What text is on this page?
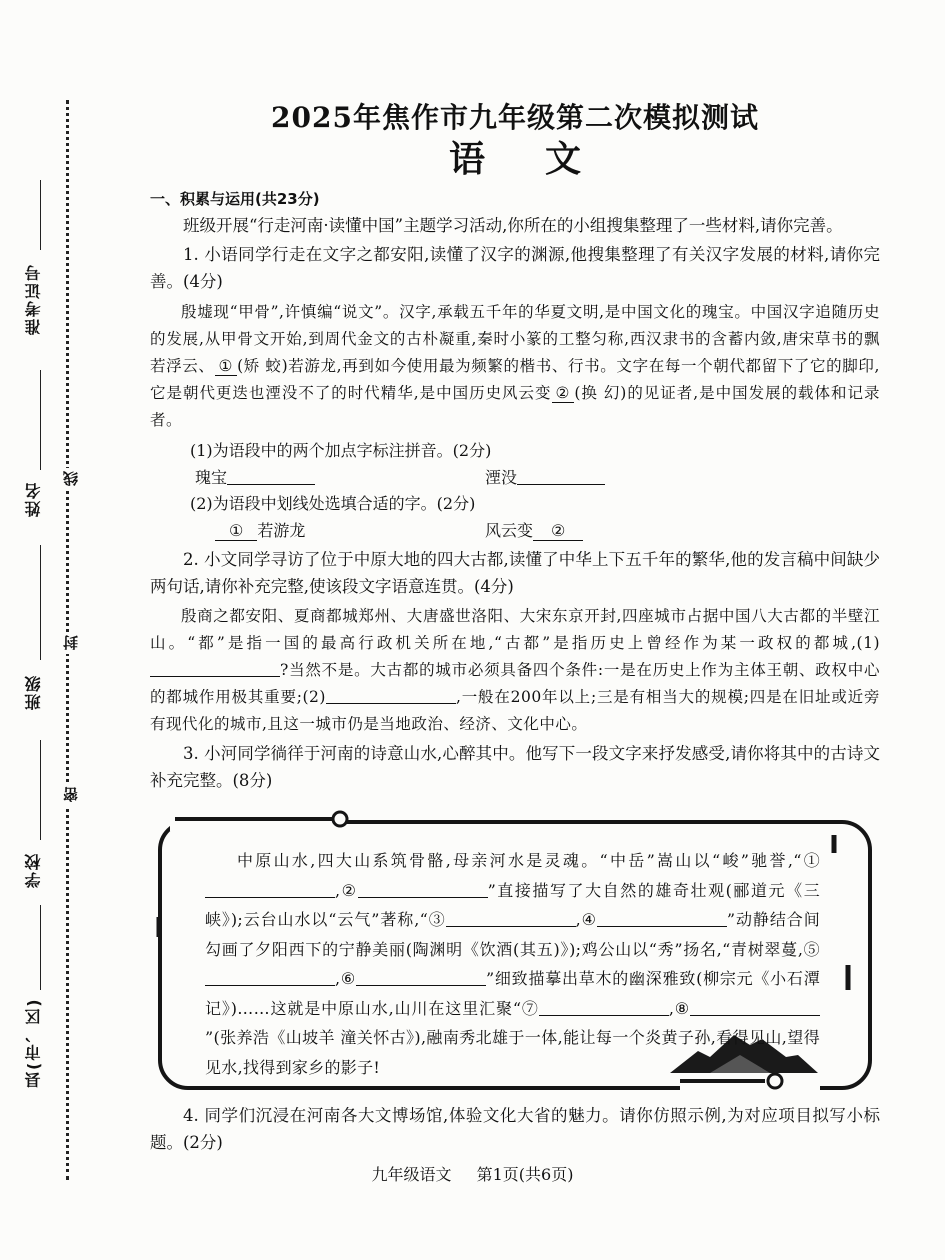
准考证号
姓名
班级
学校
县(市、区)
线
封
密
2025年焦作市九年级第二次模拟测试
语文
一、积累与运用(共23分)

班级开展“行走河南·读懂中国”主题学习活动,你所在的小组搜集整理了一些材料,请你完善。

1. 小语同学行走在文字之都安阳,读懂了汉字的渊源,他搜集整理了有关汉字发展的材料,请你完善。(4分)

殷墟现“甲骨”,许慎编“说文”。汉字,承载五千年的华夏文明,是中国文化的瑰宝。中国汉字追随历史的发展,从甲骨文开始,到周代金文的古朴凝重,秦时小篆的工整匀称,西汉隶书的含蓄内敛,唐宋草书的飘若浮云、 ① (矫 蛟)若游龙,再到如今使用最为频繁的楷书、行书。文字在每一个朝代都留下了它的脚印,它是朝代更迭也湮没不了的时代精华,是中国历史风云变 ② (换 幻)的见证者,是中国发展的载体和记录者。

(1)为语段中的两个加点字标注拼音。(2分)
瑰宝	湮没
(2)为语段中划线处选填合适的字。(2分)
① 若游龙	风云变 ②

2. 小文同学寻访了位于中原大地的四大古都,读懂了中华上下五千年的繁华,他的发言稿中间缺少两句话,请你补充完整,使该段文字语意连贯。(4分)

殷商之都安阳、夏商都城郑州、大唐盛世洛阳、大宋东京开封,四座城市占据中国八大古都的半壁江山。“都”是指一国的最高行政机关所在地,“古都”是指历史上曾经作为某一政权的都城,(1)?当然不是。大古都的城市必须具备四个条件:一是在历史上作为主体王朝、政权中心的都城作用极其重要;(2)	,一般在200年以上;三是有相当大的规模;四是在旧址或近旁有现代化的城市,且这一城市仍是当地政治、经济、文化中心。

3. 小河同学徜徉于河南的诗意山水,心醉其中。他写下一段文字来抒发感受,请你将其中的古诗文补充完整。(8分)

中原山水,四大山系筑骨骼,母亲河水是灵魂。“中岳”嵩山以“峻”驰誉,“①,②	”直接描写了大自然的雄奇壮观(郦道元《三峡》);云台山水以“云气”著称,“③	,④	”动静结合间勾画了夕阳西下的宁静美丽(陶渊明《饮酒(其五)》);鸡公山以“秀”扬名,“青树翠蔓,⑤,⑥	”细致描摹出草木的幽深雅致(柳宗元《小石潭记》)……这就是中原山水,山川在这里汇聚“⑦	,⑧”(张养浩《山坡羊 潼关怀古》),融南秀北雄于一体,能让每一个炎黄子孙,看得见山,望得见水,找得到家乡的影子!

4. 同学们沉浸在河南各大文博场馆,体验文化大省的魅力。请你仿照示例,为对应项目拟写小标题。(2分)

九年级语文 第1页(共6页)
